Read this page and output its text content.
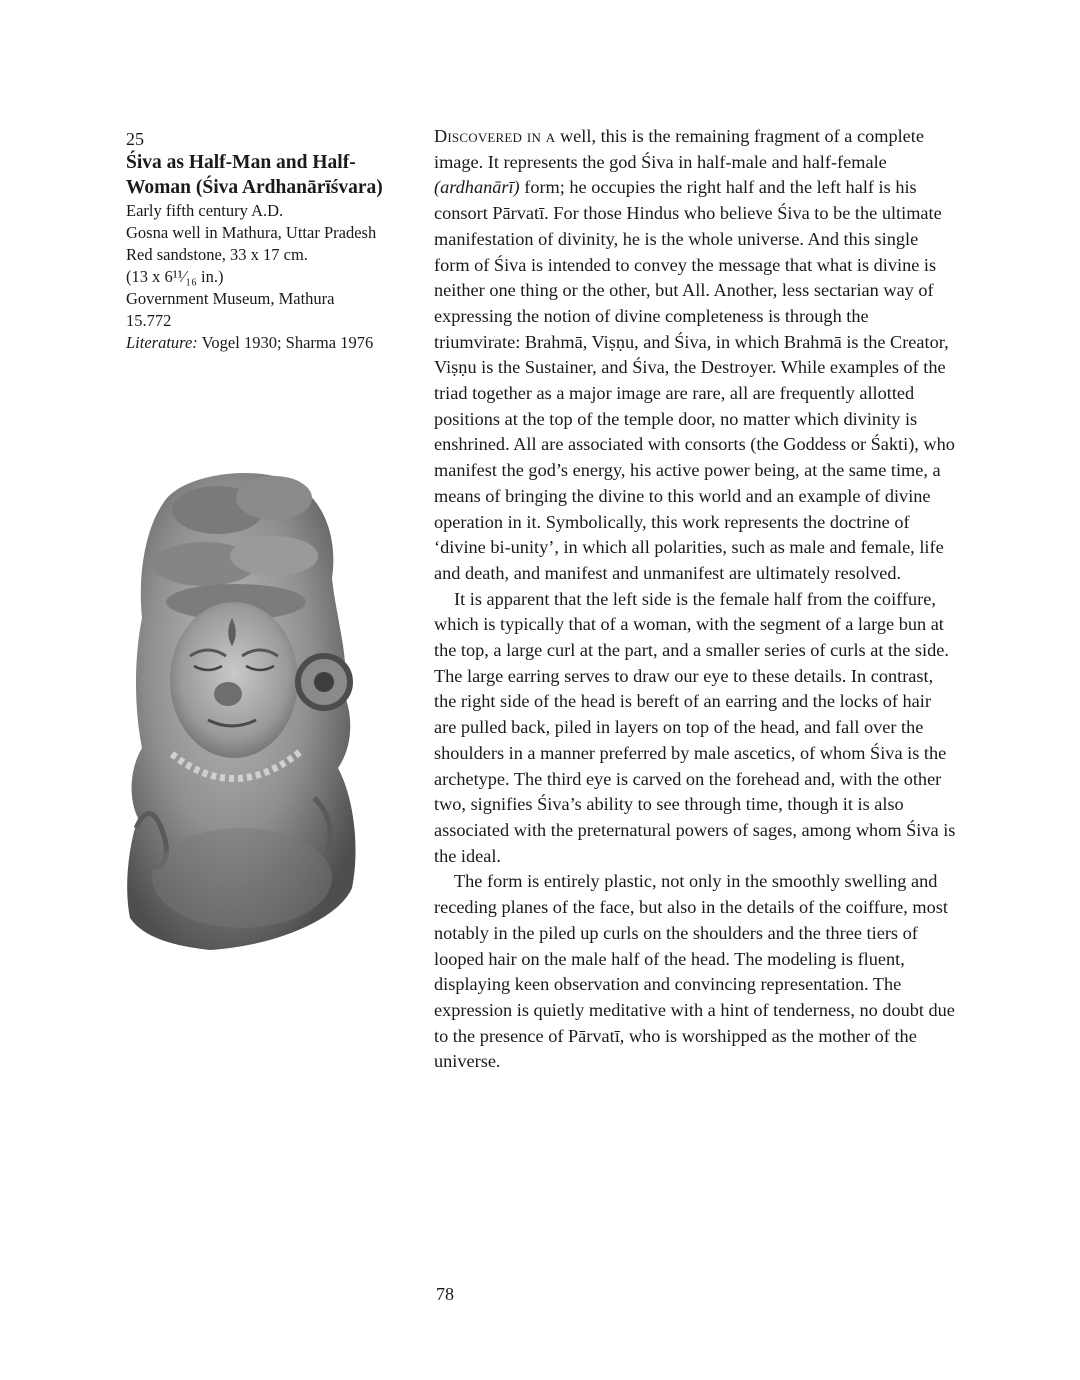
25
Śiva as Half-Man and Half-Woman (Śiva Ardhanārīśvara)
Early fifth century A.D.
Gosna well in Mathura, Uttar Pradesh
Red sandstone, 33 x 17 cm.
(13 x 6¹¹⁄₁₆ in.)
Government Museum, Mathura
15.772
Literature: Vogel 1930; Sharma 1976

Discovered in a well, this is the remaining fragment of a complete image. It represents the god Śiva in half-male and half-female (ardhanārī) form; he occupies the right half and the left half is his consort Pārvatī. For those Hindus who believe Śiva to be the ultimate manifestation of divinity, he is the whole universe. And this single form of Śiva is intended to convey the message that what is divine is neither one thing or the other, but All. Another, less sectarian way of expressing the notion of divine completeness is through the triumvirate: Brahmā, Viṣṇu, and Śiva, in which Brahmā is the Creator, Viṣṇu is the Sustainer, and Śiva, the Destroyer. While examples of the triad together as a major image are rare, all are frequently allotted positions at the top of the temple door, no matter which divinity is enshrined. All are associated with consorts (the Goddess or Śakti), who manifest the god’s energy, his active power being, at the same time, a means of bringing the divine to this world and an example of divine operation in it. Symbolically, this work represents the doctrine of ‘divine bi-unity’, in which all polarities, such as male and female, life and death, and manifest and unmanifest are ultimately resolved.

It is apparent that the left side is the female half from the coiffure, which is typically that of a woman, with the segment of a large bun at the top, a large curl at the part, and a smaller series of curls at the side. The large earring serves to draw our eye to these details. In contrast, the right side of the head is bereft of an earring and the locks of hair are pulled back, piled in layers on top of the head, and fall over the shoulders in a manner preferred by male ascetics, of whom Śiva is the archetype. The third eye is carved on the forehead and, with the other two, signifies Śiva’s ability to see through time, though it is also associated with the preternatural powers of sages, among whom Śiva is the ideal.

The form is entirely plastic, not only in the smoothly swelling and receding planes of the face, but also in the details of the coiffure, most notably in the piled up curls on the shoulders and the three tiers of looped hair on the male half of the head. The modeling is fluent, displaying keen observation and convincing representation. The expression is quietly meditative with a hint of tenderness, no doubt due to the presence of Pārvatī, who is worshipped as the mother of the universe.

78
